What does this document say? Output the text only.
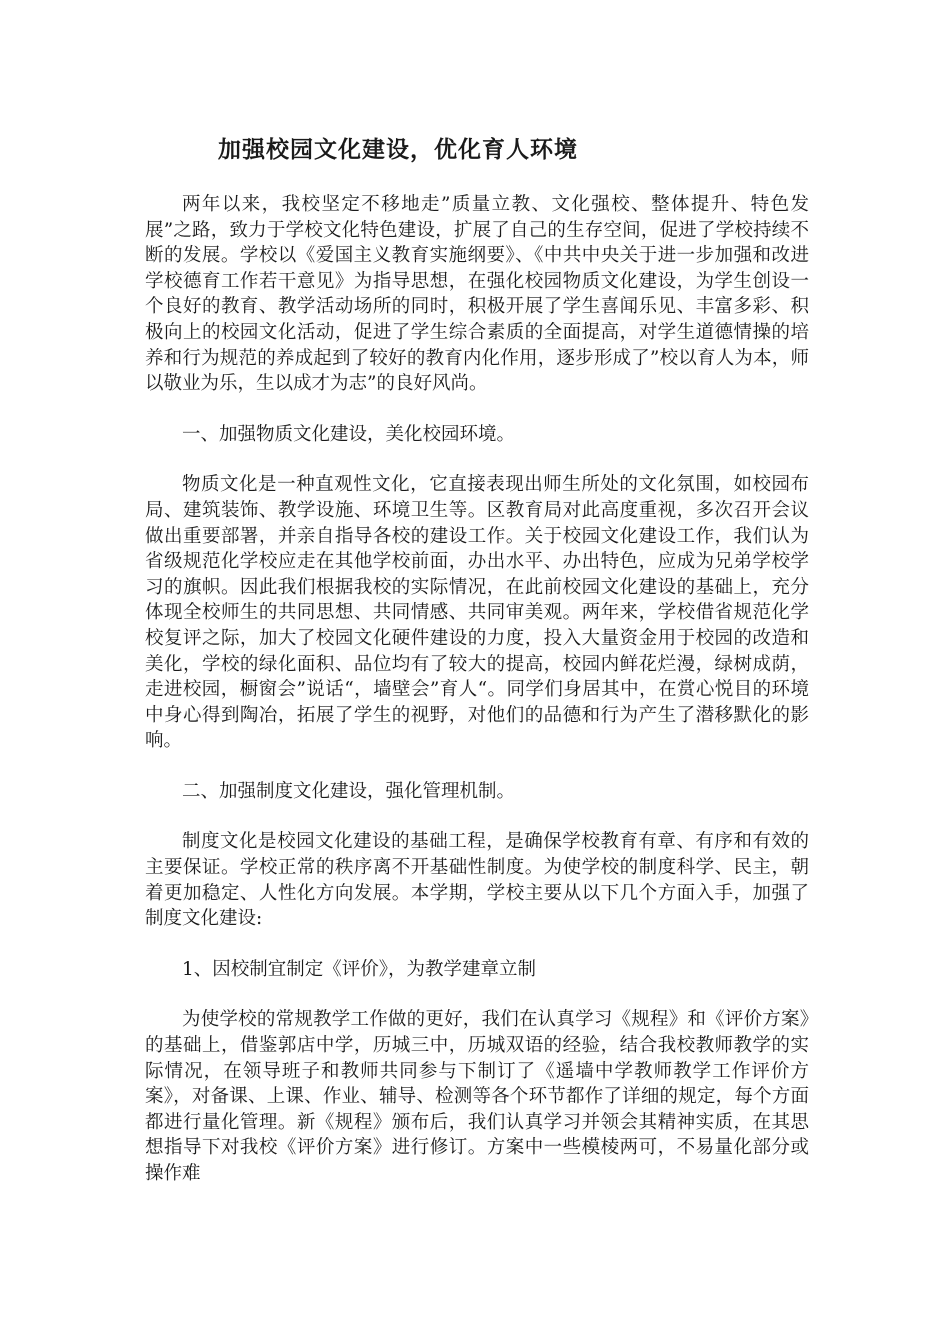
加强校园文化建设，优化育人环境

两年以来，我校坚定不移地走”质量立教、文化强校、整体提升、特色发展”之路，致力于学校文化特色建设，扩展了自己的生存空间，促进了学校持续不断的发展。学校以《爱国主义教育实施纲要》、《中共中央关于进一步加强和改进学校德育工作若干意见》为指导思想，在强化校园物质文化建设，为学生创设一个良好的教育、教学活动场所的同时，积极开展了学生喜闻乐见、丰富多彩、积极向上的校园文化活动，促进了学生综合素质的全面提高，对学生道德情操的培养和行为规范的养成起到了较好的教育内化作用，逐步形成了”校以育人为本，师以敬业为乐，生以成才为志”的良好风尚。

一、加强物质文化建设，美化校园环境。

物质文化是一种直观性文化，它直接表现出师生所处的文化氛围，如校园布局、建筑装饰、教学设施、环境卫生等。区教育局对此高度重视，多次召开会议做出重要部署，并亲自指导各校的建设工作。关于校园文化建设工作，我们认为省级规范化学校应走在其他学校前面，办出水平、办出特色，应成为兄弟学校学习的旗帜。因此我们根据我校的实际情况，在此前校园文化建设的基础上，充分体现全校师生的共同思想、共同情感、共同审美观。两年来，学校借省规范化学校复评之际，加大了校园文化硬件建设的力度，投入大量资金用于校园的改造和美化，学校的绿化面积、品位均有了较大的提高，校园内鲜花烂漫，绿树成荫，走进校园，橱窗会”说话“，墙壁会”育人“。同学们身居其中，在赏心悦目的环境中身心得到陶冶，拓展了学生的视野，对他们的品德和行为产生了潜移默化的影响。

二、加强制度文化建设，强化管理机制。

制度文化是校园文化建设的基础工程，是确保学校教育有章、有序和有效的主要保证。学校正常的秩序离不开基础性制度。为使学校的制度科学、民主，朝着更加稳定、人性化方向发展。本学期，学校主要从以下几个方面入手，加强了制度文化建设:

1、因校制宜制定《评价》，为教学建章立制

为使学校的常规教学工作做的更好，我们在认真学习《规程》和《评价方案》的基础上，借鉴郭店中学，历城三中，历城双语的经验，结合我校教师教学的实际情况，在领导班子和教师共同参与下制订了《遥墙中学教师教学工作评价方案》，对备课、上课、作业、辅导、检测等各个环节都作了详细的规定，每个方面都进行量化管理。新《规程》颁布后，我们认真学习并领会其精神实质，在其思想指导下对我校《评价方案》进行修订。方案中一些模棱两可，不易量化部分或操作难
